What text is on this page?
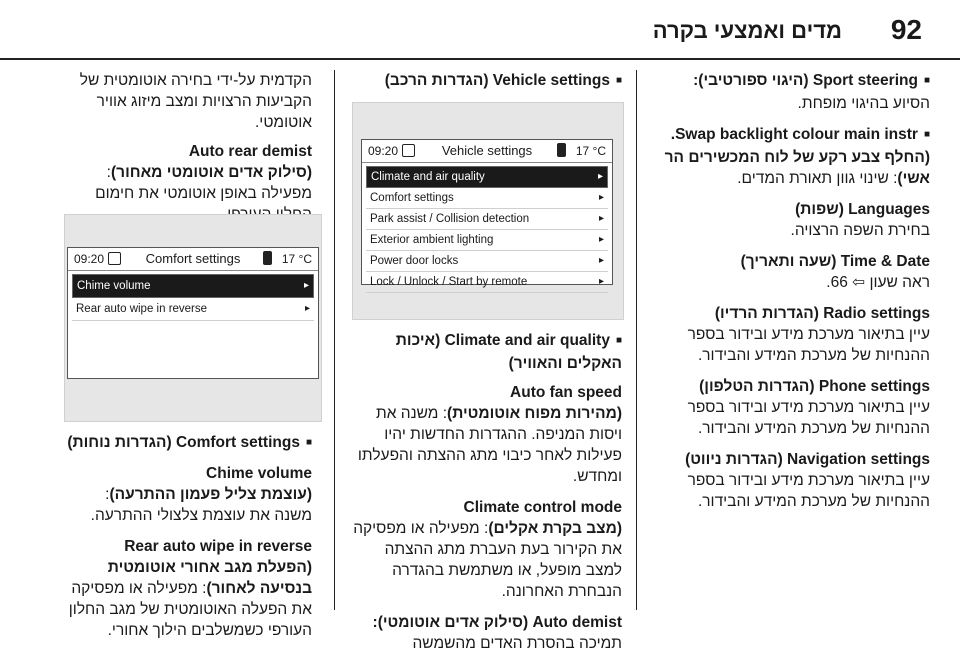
92
מדים ואמצעי בקרה
■ Sport steering (היגוי ספורטיבי):
הסיוע בהיגוי מופחת.
■ Swap backlight colour main instr. (החלף צבע רקע של לוח המכשירים הר
אשי): שינוי גוון תאורת המדים.
Languages (שפות)
בחירת השפה הרצויה.
Time & Date (שעה ותאריך)
ראה שעון ⇦ 66.
Radio settings (הגדרות הרדיו)
עיין בתיאור מערכת מידע ובידור בספר ההנחיות של מערכת המידע והבידור.
Phone settings (הגדרות הטלפון)
עיין בתיאור מערכת מידע ובידור בספר ההנחיות של מערכת המידע והבידור.
Navigation settings (הגדרות ניווט)
עיין בתיאור מערכת מידע ובידור בספר ההנחיות של מערכת המידע והבידור.
■ Vehicle settings (הגדרות הרכב)
09:20	Vehicle settings	17 °C
Climate and air quality	▸
Comfort settings	▸
Park assist / Collision detection	▸
Exterior ambient lighting	▸
Power door locks	▸
Lock / Unlock / Start by remote	▸
■ Climate and air quality (איכות האקלים והאוויר)
Auto fan speed
(מהירות מפוח אוטומטית): משנה את ויסות המניפה. ההגדרות החדשות יהיו פעילות לאחר כיבוי מתג ההצתה והפעלתו ומחדש.
Climate control mode
(מצב בקרת אקלים): מפעילה או מפסיקה את הקירור בעת העברת מתג ההצתה למצב מופעל, או משתמשת בהגדרה הנבחרת האחרונה.
Auto demist (סילוק אדים אוטומטי):
תמיכה בהסרת האדים מהשמשה
הקדמית על-ידי בחירה אוטומטית של הקביעות הרצויות ומצב מיזוג אוויר אוטומטי.
Auto rear demist
(סילוק אדים אוטומטי מאחור): מפעילה באופן אוטומטי את חימום
09:20	Comfort settings	17 °C
Chime volume	▸
Rear auto wipe in reverse	▸
■ Comfort settings (הגדרות נוחות)
Chime volume
(עוצמת צליל פעמון ההתרעה): משנה את עוצמת צלצולי ההתרעה.
Rear auto wipe in reverse
(הפעלת מגב אחורי אוטומטית בנסיעה לאחור): מפעילה או מפסיקה את הפעלה האוטומטית של מגב החלון העורפי כשמשלבים הילוך אחורי.
